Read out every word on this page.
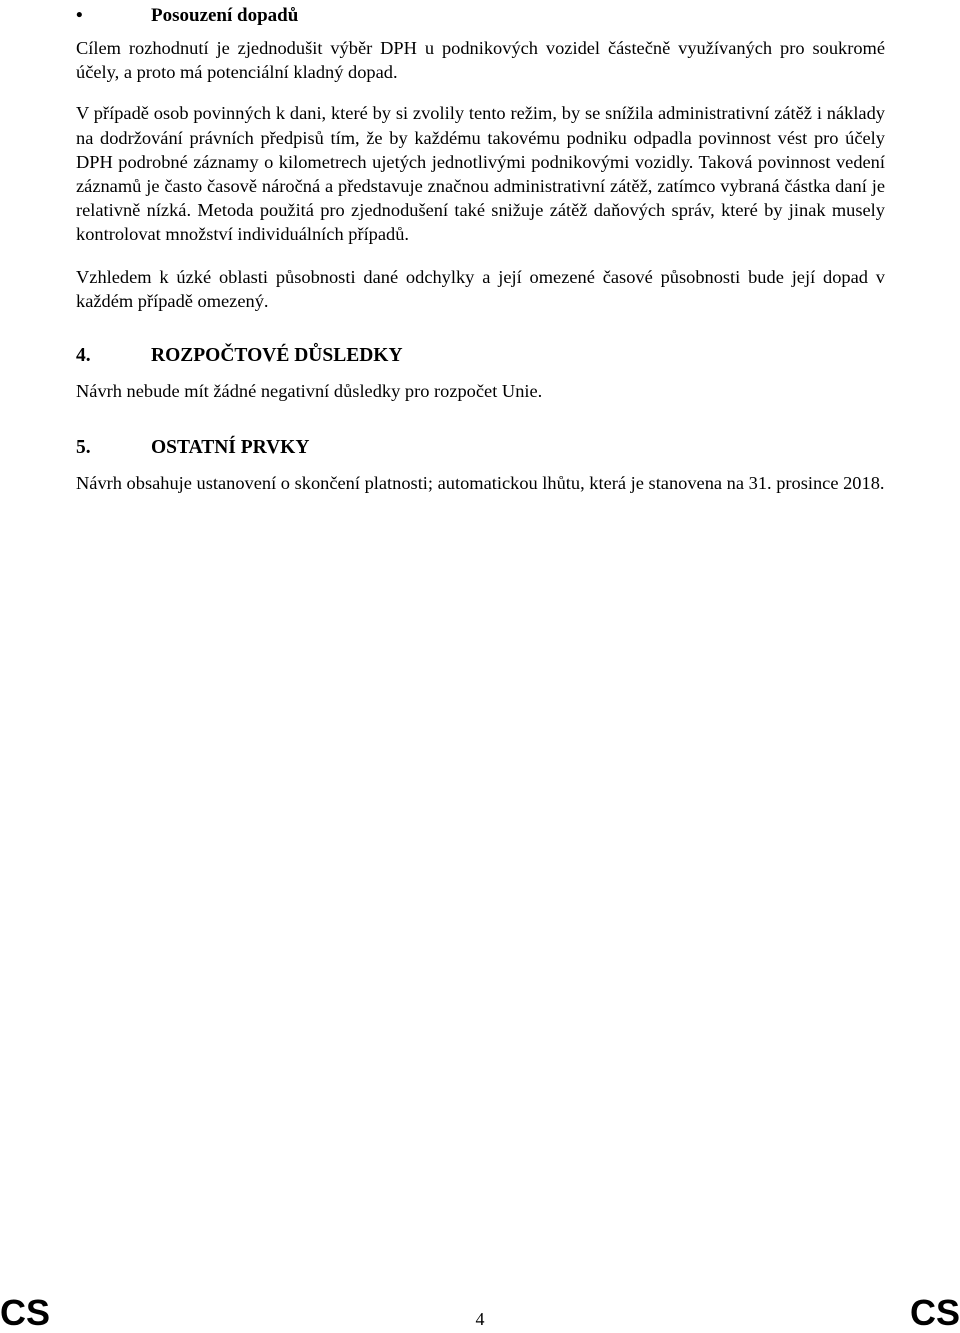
•	Posouzení dopadů

Cílem rozhodnutí je zjednodušit výběr DPH u podnikových vozidel částečně využívaných pro soukromé účely, a proto má potenciální kladný dopad.

V případě osob povinných k dani, které by si zvolily tento režim, by se snížila administrativní zátěž i náklady na dodržování právních předpisů tím, že by každému takovému podniku odpadla povinnost vést pro účely DPH podrobné záznamy o kilometrech ujetých jednotlivými podnikovými vozidly. Taková povinnost vedení záznamů je často časově náročná a představuje značnou administrativní zátěž, zatímco vybraná částka daní je relativně nízká. Metoda použitá pro zjednodušení také snižuje zátěž daňových správ, které by jinak musely kontrolovat množství individuálních případů.

Vzhledem k úzké oblasti působnosti dané odchylky a její omezené časové působnosti bude její dopad v každém případě omezený.

4.	ROZPOČTOVÉ DŮSLEDKY

Návrh nebude mít žádné negativní důsledky pro rozpočet Unie.

5.	OSTATNÍ PRVKY

Návrh obsahuje ustanovení o skončení platnosti; automatickou lhůtu, která je stanovena na 31. prosince 2018.

CS	4	CS
